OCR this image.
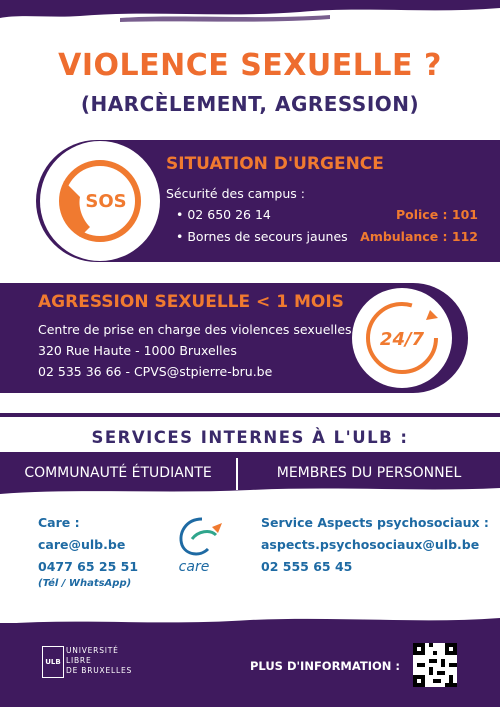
VIOLENCE SEXUELLE ?
(HARCÈLEMENT, AGRESSION)
SOS
SITUATION D'URGENCE
Sécurité des campus :
• 02 650 26 14
• Bornes de secours jaunes
Police : 101
Ambulance : 112
AGRESSION SEXUELLE < 1 MOIS
Centre de prise en charge des violences sexuelles
320 Rue Haute - 1000 Bruxelles
02 535 36 66 - CPVS@stpierre-bru.be
24/7
SERVICES INTERNES À L'ULB :
COMMUNAUTÉ ÉTUDIANTE	MEMBRES DU PERSONNEL
Care :
care@ulb.be
0477 65 25 51
(Tél / WhatsApp)
care
Service Aspects psychosociaux :
aspects.psychosociaux@ulb.be
02 555 65 45
ULB
UNIVERSITÉ
LIBRE
DE BRUXELLES	PLUS D'INFORMATION :
